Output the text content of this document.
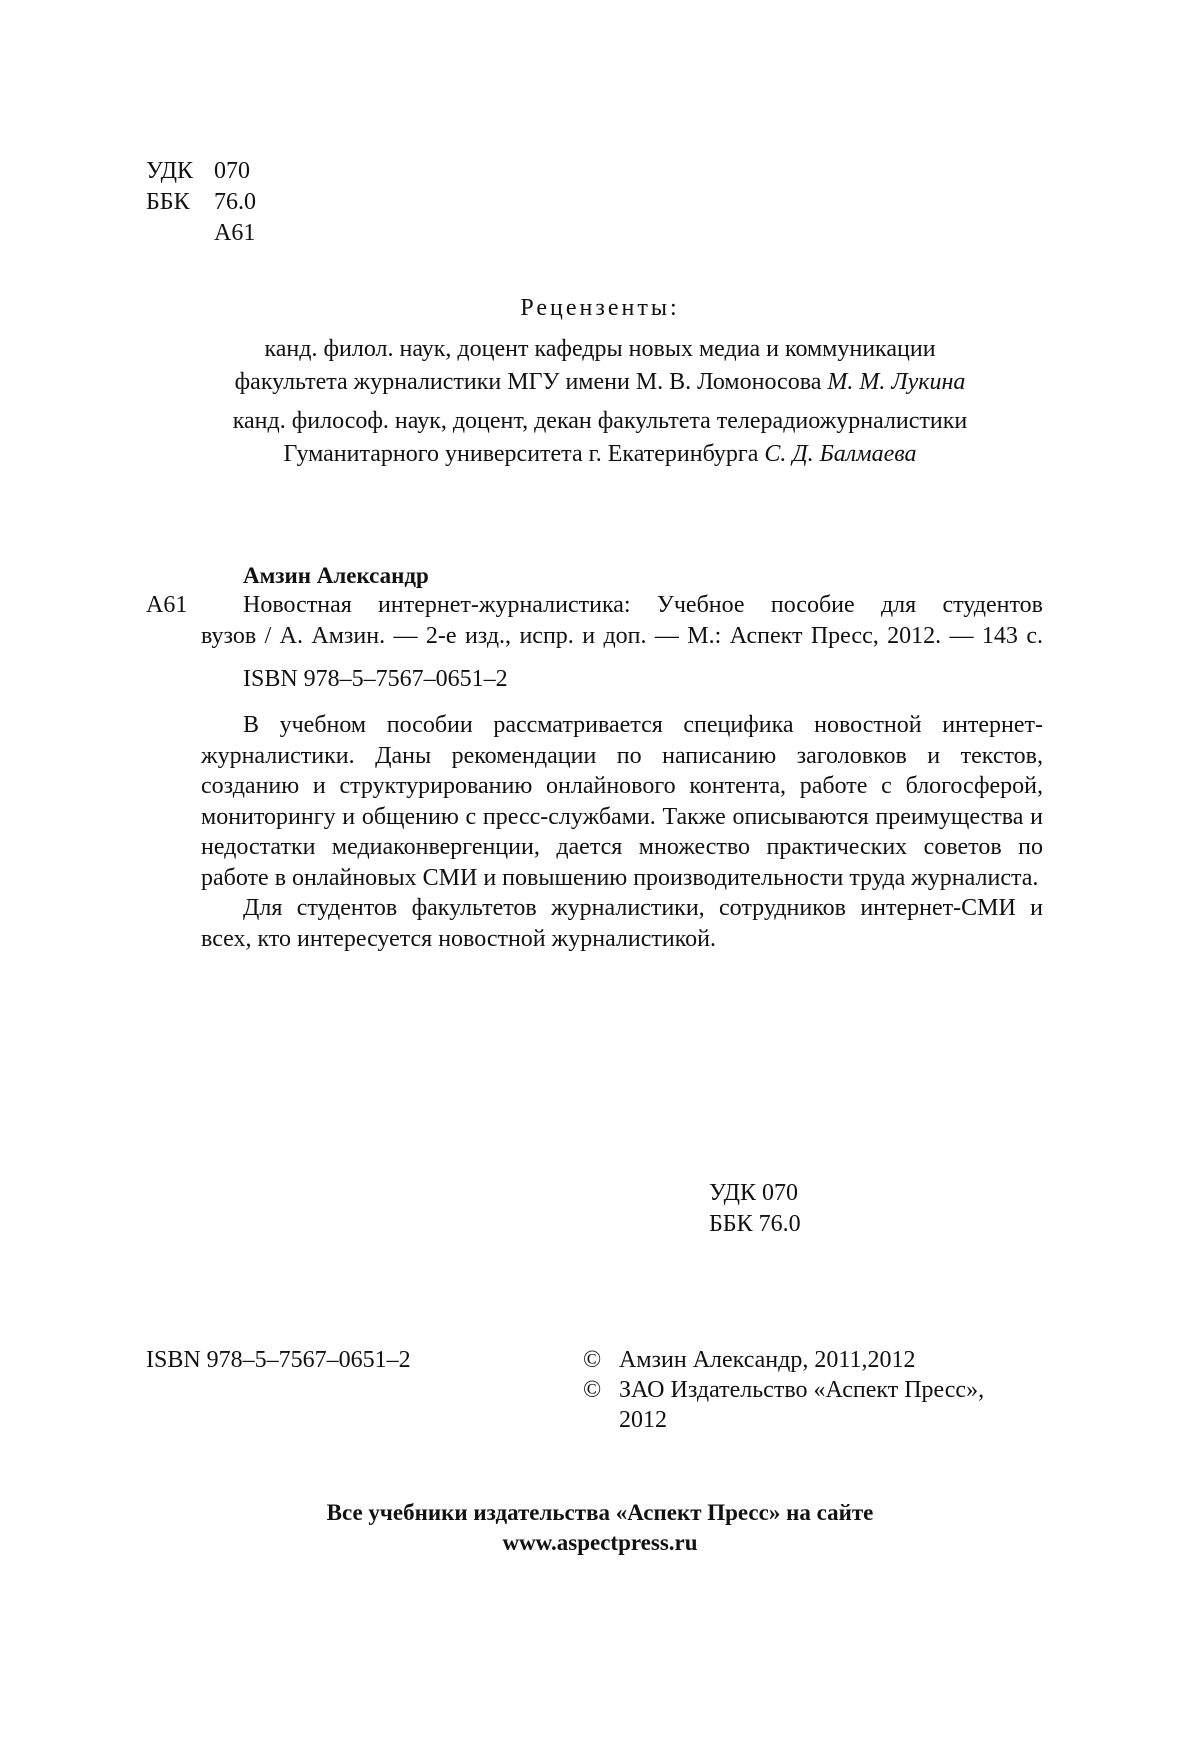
УДК 070
ББК	76.0
А61
Рецензенты:
канд. филол. наук, доцент кафедры новых медиа и коммуникации
факультета журналистики МГУ имени М. В. Ломоносова М. М. Лукина
канд. философ. наук, доцент, декан факультета телерадиожурналистики
Гуманитарного университета г. Екатеринбурга С. Д. Балмаева
Амзин Александр
А61	Новостная интернет-журналистика: Учебное пособие для студентов
вузов / А. Амзин. — 2-е изд., испр. и доп. — М.: Аспект Пресс, 2012. — 143 с.
ISBN 978–5–7567–0651–2

В учебном пособии рассматривается специфика новостной интернет-журналистики. Даны рекомендации по написанию заголовков и текстов, созданию и структурированию онлайнового контента, работе с блогосферой, мониторингу и общению с пресс-службами. Также описываются преимущества и недостатки медиаконвергенции, дается множество практических советов по работе в онлайновых СМИ и повышению производительности труда журналиста.

Для студентов факультетов журналистики, сотрудников интернет-СМИ и всех, кто интересуется новостной журналистикой.

УДК 070
ББК 76.0
ISBN 978–5–7567–0651–2	© Амзин Александр, 2011,2012
© ЗАО Издательство «Аспект Пресс»,
2012
Все учебники издательства «Аспект Пресс» на сайте
www.aspectpress.ru
